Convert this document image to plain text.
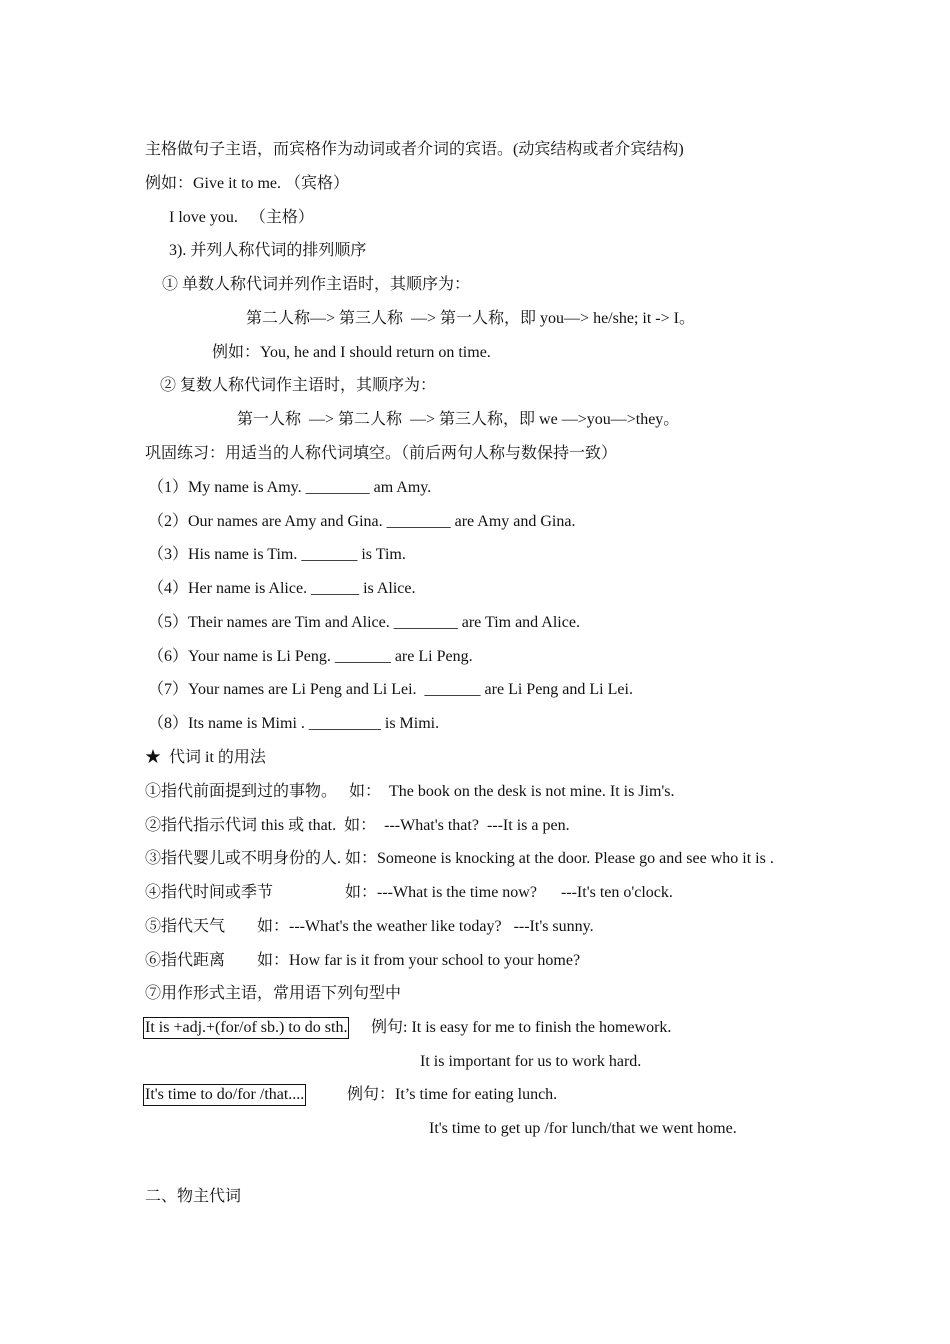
主格做句子主语，而宾格作为动词或者介词的宾语。(动宾结构或者介宾结构)
例如：Give it to me. （宾格）
I love you.   （主格）
3). 并列人称代词的排列顺序
① 单数人称代词并列作主语时，其顺序为：
第二人称—> 第三人称  —> 第一人称，即 you—> he/she; it -> I。
例如：You, he and I should return on time.
② 复数人称代词作主语时，其顺序为：
第一人称  —> 第二人称  —> 第三人称，即 we —>you—>they。
巩固练习：用适当的人称代词填空。（前后两句人称与数保持一致）
（1）My name is Amy. ________ am Amy.
（2）Our names are Amy and Gina. ________ are Amy and Gina.
（3）His name is Tim. _______ is Tim.
（4）Her name is Alice. ______ is Alice.
（5）Their names are Tim and Alice. ________ are Tim and Alice.
（6）Your name is Li Peng. _______ are Li Peng.
（7）Your names are Li Peng and Li Lei.  _______ are Li Peng and Li Lei.
（8）Its name is Mimi . _________ is Mimi.
★  代词 it 的用法
①指代前面提到过的事物。   如：  The book on the desk is not mine. It is Jim's.
②指代指示代词 this 或 that.  如：  ---What's that?  ---It is a pen.
③指代婴儿或不明身份的人. 如：Someone is knocking at the door. Please go and see who it is .
④指代时间或季节                  如：---What is the time now?      ---It's ten o'clock.
⑤指代天气        如：---What's the weather like today?   ---It's sunny.
⑥指代距离        如：How far is it from your school to your home?
⑦用作形式主语，常用语下列句型中
It is +adj.+(for/of sb.) to do sth. 例句: It is easy for me to finish the homework.
It is important for us to work hard.
It's time to do/for /that....	例句：It’s time for eating lunch.
It's time to get up /for lunch/that we went home.
二、物主代词
